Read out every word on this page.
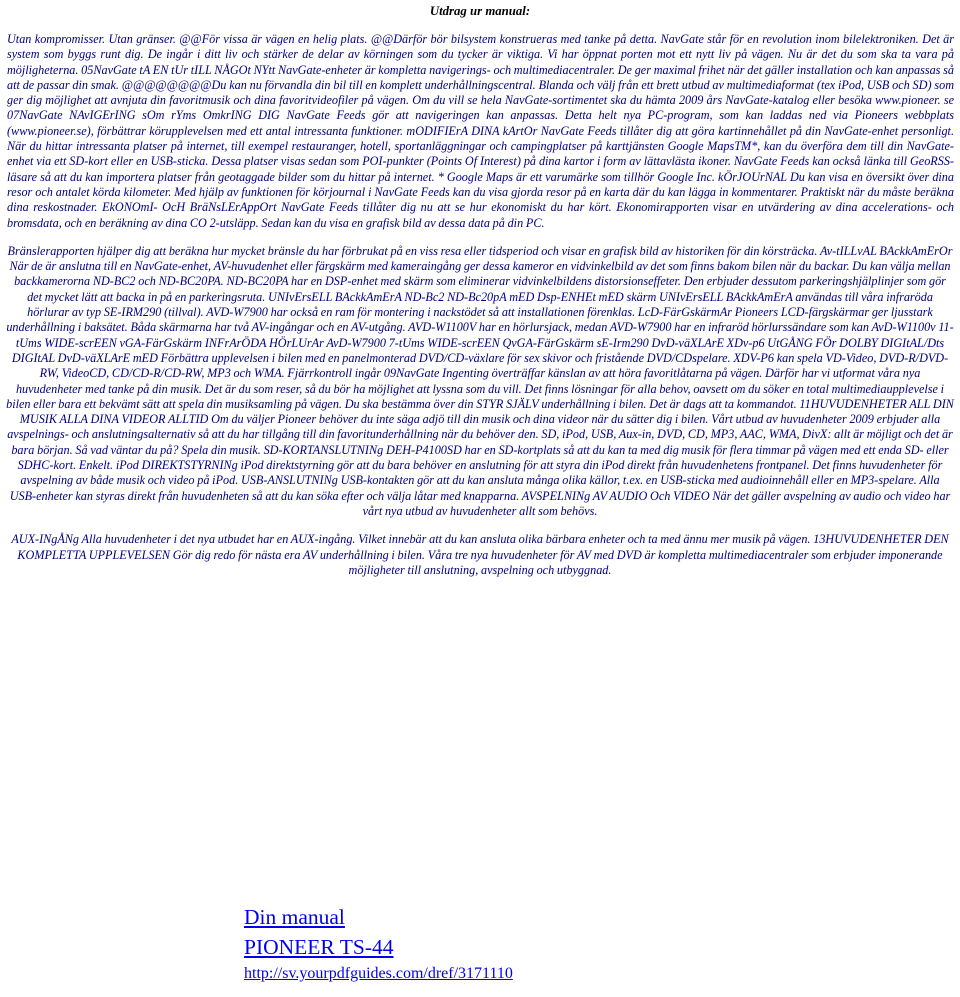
Utdrag ur manual:

Utan kompromisser. Utan gränser. @@För vissa är vägen en helig plats. @@Därför bör bilsystem konstrueras med tanke på detta. NavGate står för en revolution inom bilelektroniken. Det är system som byggs runt dig. De ingår i ditt liv och stärker de delar av körningen som du tycker är viktiga. Vi har öppnat porten mot ett nytt liv på vägen. Nu är det du som ska ta vara på möjligheterna. 05NavGate tA EN tUr tILL NÅGOt NYtt NavGate-enheter är kompletta navigerings- och multimediacentraler. De ger maximal frihet när det gäller installation och kan anpassas så att de passar din smak. @@@@@@@@Du kan nu förvandla din bil till en komplett underhållningscentral. Blanda och välj från ett brett utbud av multimediaformat (tex iPod, USB och SD) som ger dig möjlighet att avnjuta din favoritmusik och dina favoritvideofiler på vägen. Om du vill se hela NavGate-sortimentet ska du hämta 2009 års NavGate-katalog eller besöka www.pioneer. se 07NavGate NAvIGErING sOm rYms OmkrING DIG NavGate Feeds gör att navigeringen kan anpassas. Detta helt nya PC-program, som kan laddas ned via Pioneers webbplats (www.pioneer.se), förbättrar körupplevelsen med ett antal intressanta funktioner. mODIFIErA DINA kArtOr NavGate Feeds tillåter dig att göra kartinnehållet på din NavGate-enhet personligt. När du hittar intressanta platser på internet, till exempel restauranger, hotell, sportanläggningar och campingplatser på karttjänsten Google MapsTM*, kan du överföra dem till din NavGate-enhet via ett SD-kort eller en USB-sticka. Dessa platser visas sedan som POI-punkter (Points Of Interest) på dina kartor i form av lättavlästa ikoner. NavGate Feeds kan också länka till GeoRSS-läsare så att du kan importera platser från geotaggade bilder som du hittar på internet. * Google Maps är ett varumärke som tillhör Google Inc. kÖrJOUrNAL Du kan visa en översikt över dina resor och antalet körda kilometer. Med hjälp av funktionen för körjournal i NavGate Feeds kan du visa gjorda resor på en karta där du kan lägga in kommentarer. Praktiskt när du måste beräkna dina reskostnader. EkONOmI- OcH BräNsLErAppOrt NavGate Feeds tillåter dig nu att se hur ekonomiskt du har kört. Ekonomirapporten visar en utvärdering av dina accelerations- och bromsdata, och en beräkning av dina CO 2-utsläpp. Sedan kan du visa en grafisk bild av dessa data på din PC.

Bränslerapporten hjälper dig att beräkna hur mycket bränsle du har förbrukat på en viss resa eller tidsperiod och visar en grafisk bild av historiken för din körsträcka. Av-tILLvAL BAckkAmErOr När de är anslutna till en NavGate-enhet, AV-huvudenhet eller färgskärm med kameraingång ger dessa kameror en vidvinkelbild av det som finns bakom bilen när du backar. Du kan välja mellan backkamerorna ND-BC2 och ND-BC20PA. ND-BC20PA har en DSP-enhet med skärm som eliminerar vidvinkelbildens distorsionseffeter. Den erbjuder dessutom parkeringshjälplinjer som gör det mycket lätt att backa in på en parkeringsruta. UNIvErsELL BAckkAmErA ND-Bc2 ND-Bc20pA mED Dsp-ENHEt mED skärm UNIvErsELL BAckkAmErA användas till våra infraröda hörlurar av typ SE-IRM290 (tillval). AVD-W7900 har också en ram för montering i nackstödet så att installationen förenklas. LcD-FärGskärmAr Pioneers LCD-färgskärmar ger ljusstark underhållning i baksätet. Båda skärmarna har två AV-ingångar och en AV-utgång. AVD-W1100V har en hörlursjack, medan AVD-W7900 har en infraröd hörlurssändare som kan AvD-W1100v 11-tUms WIDE-scrEEN vGA-FärGskärm INFrArÖDA HÖrLUrAr AvD-W7900 7-tUms WIDE-scrEEN QvGA-FärGskärm sE-Irm290 DvD-väXLArE XDv-p6 UtGÅNG FÖr DOLBY DIGItAL/Dts DIGItAL DvD-väXLArE mED Förbättra upplevelsen i bilen med en panelmonterad DVD/CD-växlare för sex skivor och fristående DVD/CDspelare. XDV-P6 kan spela VD-Video, DVD-R/DVD-RW, VideoCD, CD/CD-R/CD-RW, MP3 och WMA. Fjärrkontroll ingår 09NavGate Ingenting överträffar känslan av att höra favoritlåtarna på vägen. Därför har vi utformat våra nya huvudenheter med tanke på din musik. Det är du som reser, så du bör ha möjlighet att lyssna som du vill. Det finns lösningar för alla behov, oavsett om du söker en total multimediaupplevelse i bilen eller bara ett bekvämt sätt att spela din musiksamling på vägen. Du ska bestämma över din STYR SJÄLV underhållning i bilen. Det är dags att ta kommandot. 11HUVUDENHETER ALL DIN MUSIK ALLA DINA VIDEOR ALLTID Om du väljer Pioneer behöver du inte säga adjö till din musik och dina videor när du sätter dig i bilen. Vårt utbud av huvudenheter 2009 erbjuder alla avspelnings- och anslutningsalternativ så att du har tillgång till din favoritunderhållning när du behöver den. SD, iPod, USB, Aux-in, DVD, CD, MP3, AAC, WMA, DivX: allt är möjligt och det är bara början. Så vad väntar du på? Spela din musik. SD-KORTANSLUTNINg DEH-P4100SD har en SD-kortplats så att du kan ta med dig musik för flera timmar på vägen med ett enda SD- eller SDHC-kort. Enkelt. iPod DIREKTSTYRNINg iPod direktstyrning gör att du bara behöver en anslutning för att styra din iPod direkt från huvudenhetens frontpanel. Det finns huvudenheter för avspelning av både musik och video på iPod. USB-ANSLUTNINg USB-kontakten gör att du kan ansluta många olika källor, t.ex. en USB-sticka med audioinnehåll eller en MP3-spelare. Alla USB-enheter kan styras direkt från huvudenheten så att du kan söka efter och välja låtar med knapparna. AVSPELNINg AV AUDIO Och VIDEO När det gäller avspelning av audio och video har vårt nya utbud av huvudenheter allt som behövs.

AUX-INgÅNg Alla huvudenheter i det nya utbudet har en AUX-ingång. Vilket innebär att du kan ansluta olika bärbara enheter och ta med ännu mer musik på vägen. 13HUVUDENHETER DEN KOMPLETTA UPPLEVELSEN Gör dig redo för nästa era AV underhållning i bilen. Våra tre nya huvudenheter för AV med DVD är kompletta multimediacentraler som erbjuder imponerande möjligheter till anslutning, avspelning och utbyggnad.

Din manual
PIONEER TS-44
http://sv.yourpdfguides.com/dref/3171110
